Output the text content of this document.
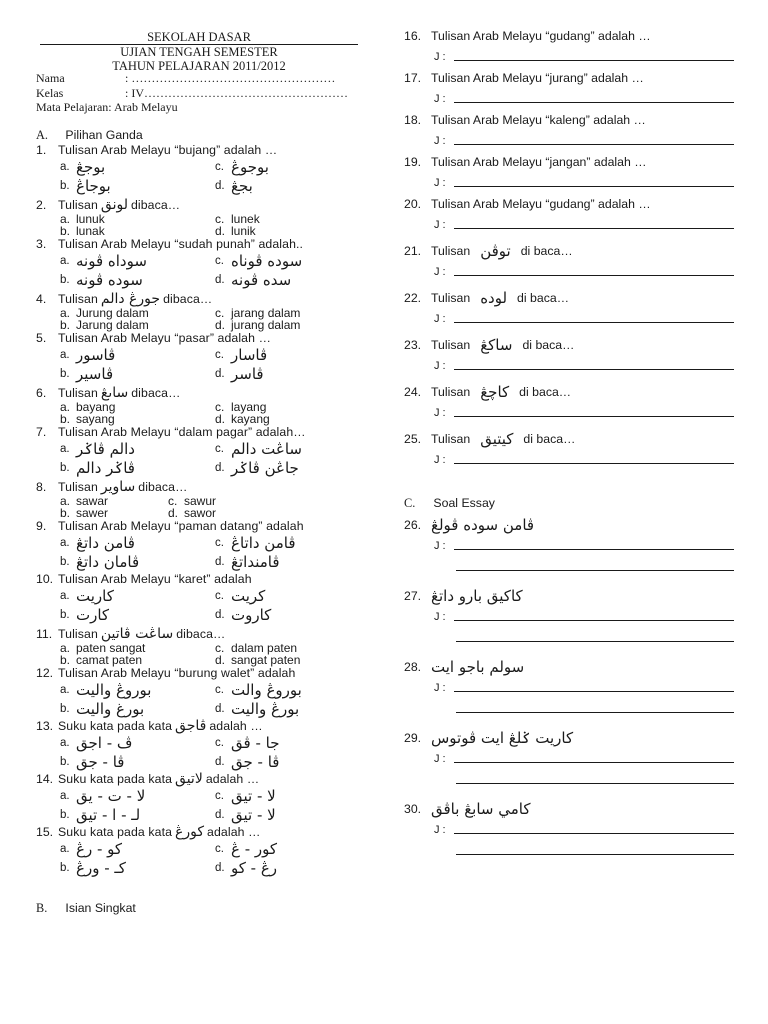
SEKOLAH DASAR
UJIAN TENGAH SEMESTER
TAHUN PELAJARAN 2011/2012
Nama	: ……………………………………………
Kelas	: IV……………………………………………
Mata Pelajaran: Arab Melayu
A. Pilihan Ganda
1. Tulisan Arab Melayu “bujang” adalah …
a. بوجڠ	c. بوجوڠ
b. بوجاڠ	d. بجڠ
2. Tulisan لونق dibaca…
a. lunuk	c. lunek
b. lunak	d. lunik
3. Tulisan Arab Melayu “sudah punah” adalah..
a. سوداه ڤونه	c. سوده ڤوناه
b. سوده ڤونه	d. سده ڤونه
4. Tulisan جورڠ دالم dibaca…
a. Jurung dalam	c. jarang dalam
b. Jarung dalam	d. jurang dalam
5. Tulisan Arab Melayu “pasar” adalah …
a. ڤاسور	c. ڤاسار
b. ڤاسير	d. ڤاسر
6. Tulisan ساىڠ dibaca…
a. bayang	c. layang
b. sayang	d. kayang
7. Tulisan Arab Melayu “dalam pagar” adalah…
a. دالم ڤاݢر	c. ساڠت دالم
b. ڤاݢر دالم	d. جاڠن ڤاݢر
8. Tulisan ساوير dibaca…
a. sawar	c. sawur
b. sawer	d. sawor
9. Tulisan Arab Melayu “paman datang” adalah
a. ڤامن داتڠ	c. ڤامن داتاڠ
b. ڤامان داتڠ	d. ڤامنداتڠ
10. Tulisan Arab Melayu “karet” adalah
a. كاريت	c. كريت
b. كارت	d. كاروت
11. Tulisan ساڠت ڤاتين dibaca…
a. paten sangat	c. dalam paten
b. camat paten	d. sangat paten
12. Tulisan Arab Melayu “burung walet” adalah
a. بوروڠ واليت	c. بوروڠ والت
b. بورغ واليت	d. بورڠ واليت
13. Suku kata pada kata ڤاجق adalah …
a. ڤ - اجق	c. جا - ڤق
b. ڤا - جق	d. ڤا - جق
14. Suku kata pada kata لاتيق adalah …
a. لا - ت - يق	c. لا - تيق
b. لـ - ا - تيق	d. لا - تيق
15. Suku kata pada kata كورڠ adalah …
a. كو - رڠ	c. كور - ڠ
b. كـ - ورڠ	d. رڠ - كو
B. Isian Singkat
16. Tulisan Arab Melayu “gudang” adalah …
J :
17. Tulisan Arab Melayu “jurang” adalah …
J :
18. Tulisan Arab Melayu “kaleng” adalah …
J :
19. Tulisan Arab Melayu “jangan” adalah …
J :
20. Tulisan Arab Melayu “gudang” adalah …
J :
21. Tulisan توڤن di baca…
J :
22. Tulisan لوده di baca…
J :
23. Tulisan ساکڠ di baca…
J :
24. Tulisan كاچڠ di baca…
J :
25. Tulisan كيتيق di baca…
J :
C. Soal Essay
26. ڤامن سوده ڤولڠ
J :
27. كاكيق بارو داتڠ
J :
28. سولم باجو ايت
J :
29. كاريت ݢلڠ ايت ڤوتوس
J :
30. كامي سابڠ باڤق
J :
